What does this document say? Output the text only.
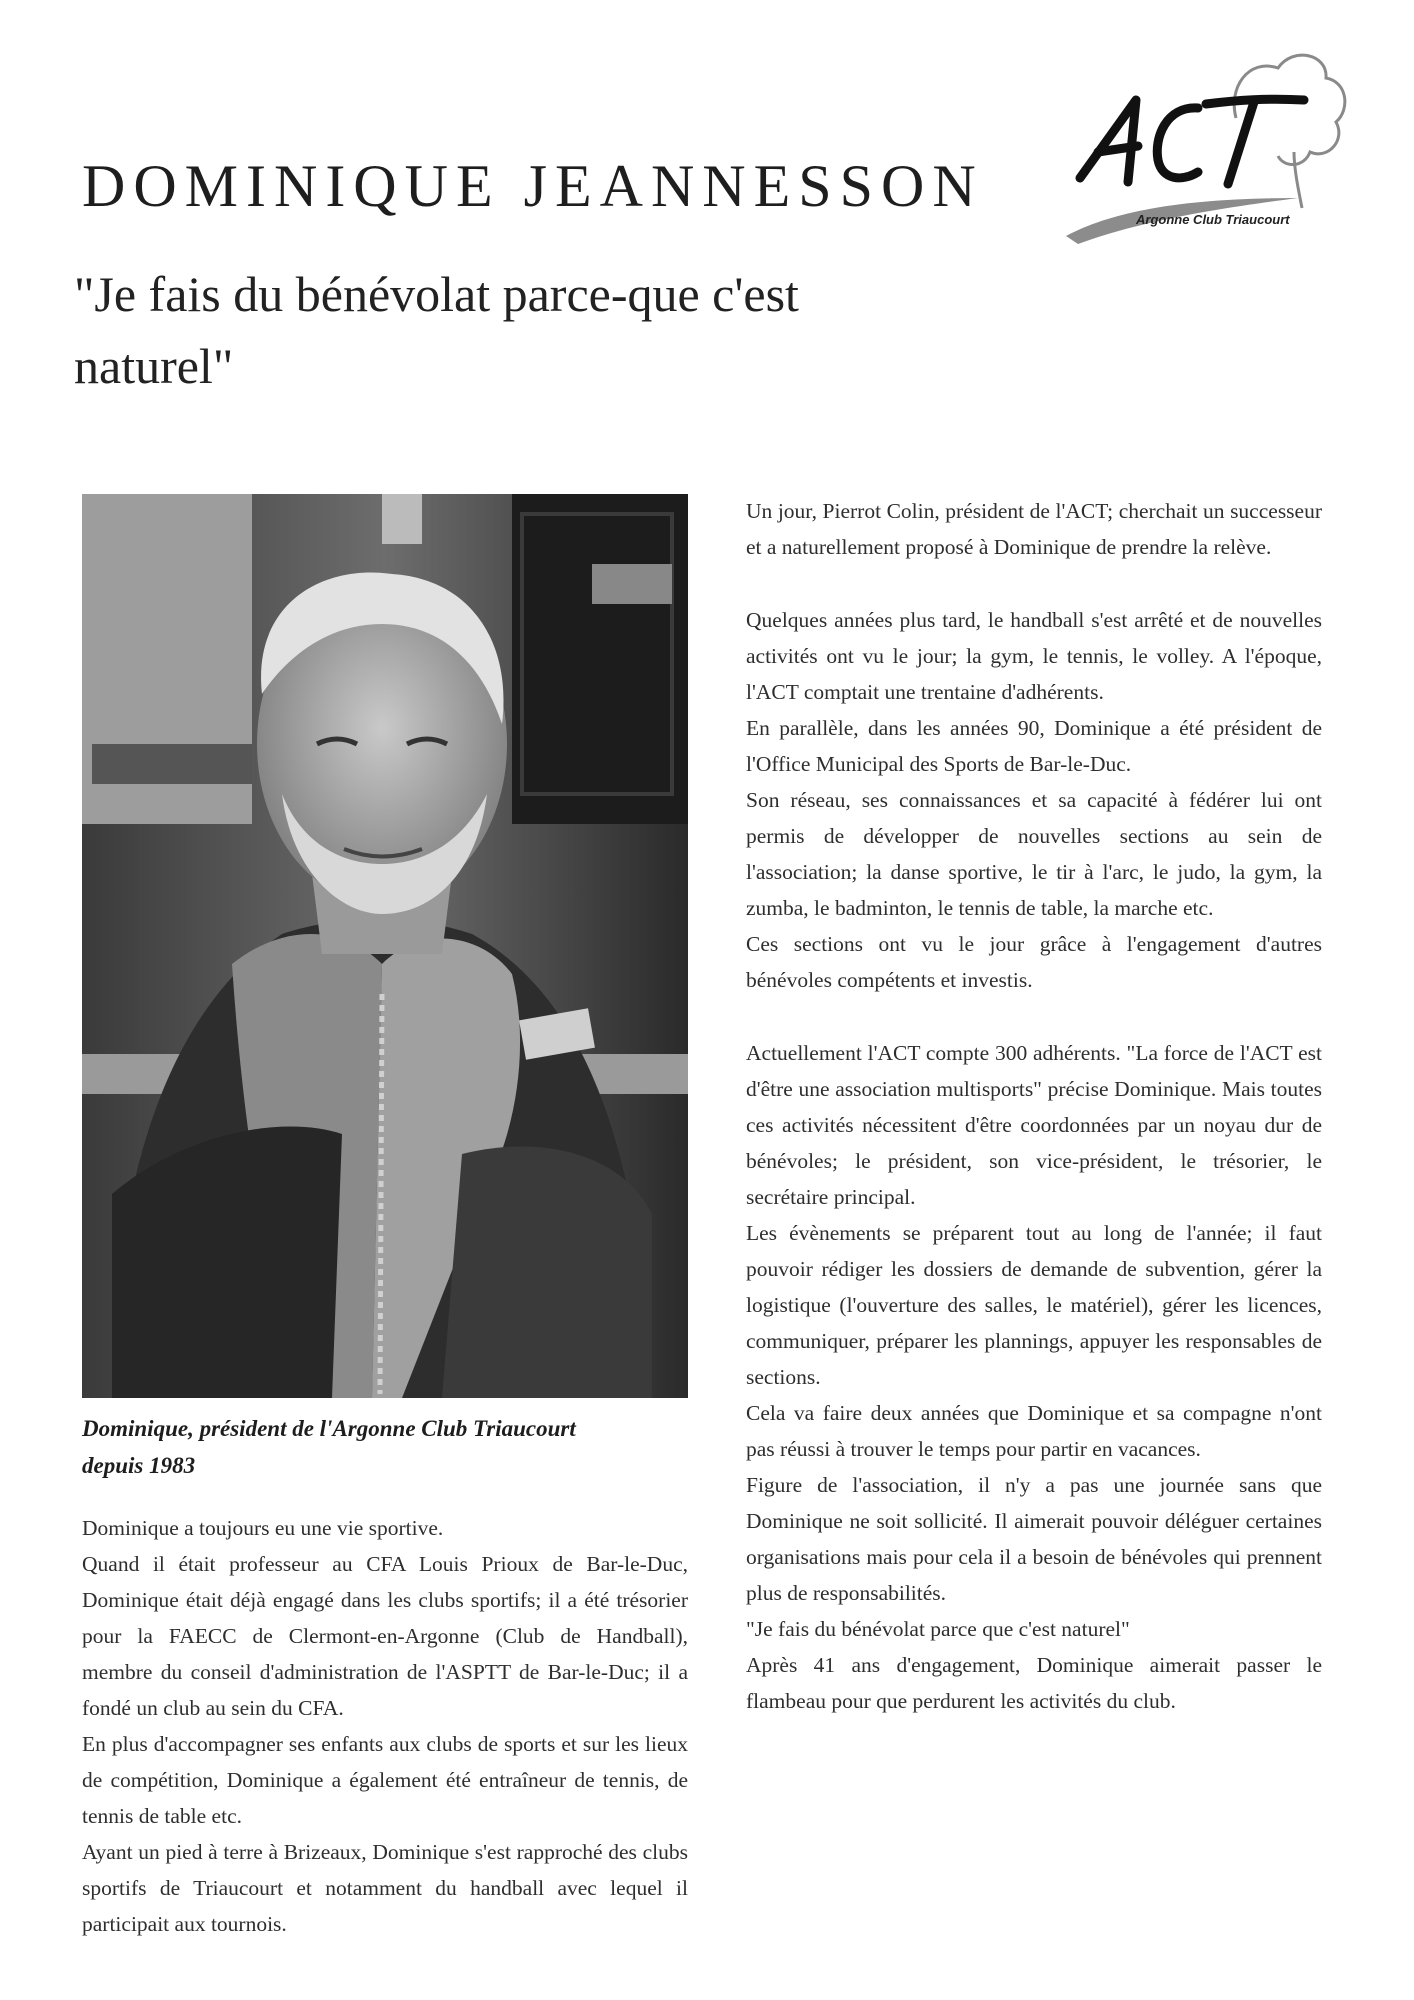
DOMINIQUE JEANNESSON
"Je fais du bénévolat parce-que c'est
naturel"
Argonne Club Triaucourt
Dominique, président de l'Argonne Club Triaucourt
depuis 1983

Dominique a toujours eu une vie sportive.

Quand il était professeur au CFA Louis Prioux de Bar-le-Duc, Dominique était déjà engagé dans les clubs sportifs; il a été trésorier pour la FAECC de Clermont-en-Argonne (Club de Handball), membre du conseil d'administration de l'ASPTT de Bar-le-Duc; il a fondé un club au sein du CFA.

En plus d'accompagner ses enfants aux clubs de sports et sur les lieux de compétition, Dominique a également été entraîneur de tennis, de tennis de table etc.

Ayant un pied à terre à Brizeaux, Dominique s'est rapproché des clubs sportifs de Triaucourt et notamment du handball avec lequel il participait aux tournois.

Un jour, Pierrot Colin, président de l'ACT; cherchait un successeur et a naturellement proposé à Dominique de prendre la relève.

Quelques années plus tard, le handball s'est arrêté et de nouvelles activités ont vu le jour; la gym, le tennis, le volley. A l'époque, l'ACT comptait une trentaine d'adhérents.

En parallèle, dans les années 90, Dominique a été président de l'Office Municipal des Sports de Bar-le-Duc.

Son réseau, ses connaissances et sa capacité à fédérer lui ont permis de développer de nouvelles sections au sein de l'association; la danse sportive, le tir à l'arc, le judo, la gym, la zumba, le badminton, le tennis de table, la marche etc.

Ces sections ont vu le jour grâce à l'engagement d'autres bénévoles compétents et investis.

Actuellement l'ACT compte 300 adhérents. "La force de l'ACT est d'être une association multisports" précise Dominique. Mais toutes ces activités nécessitent d'être coordonnées par un noyau dur de bénévoles; le président, son vice-président, le trésorier, le secrétaire principal.

Les évènements se préparent tout au long de l'année; il faut pouvoir rédiger les dossiers de demande de subvention, gérer la logistique (l'ouverture des salles, le matériel), gérer les licences, communiquer, préparer les plannings, appuyer les responsables de sections.

Cela va faire deux années que Dominique et sa compagne n'ont pas réussi à trouver le temps pour partir en vacances.

Figure de l'association, il n'y a pas une journée sans que Dominique ne soit sollicité. Il aimerait pouvoir déléguer certaines organisations mais pour cela il a besoin de bénévoles qui prennent plus de responsabilités.

"Je fais du bénévolat parce que c'est naturel"

Après 41 ans d'engagement, Dominique aimerait passer le flambeau pour que perdurent les activités du club.
